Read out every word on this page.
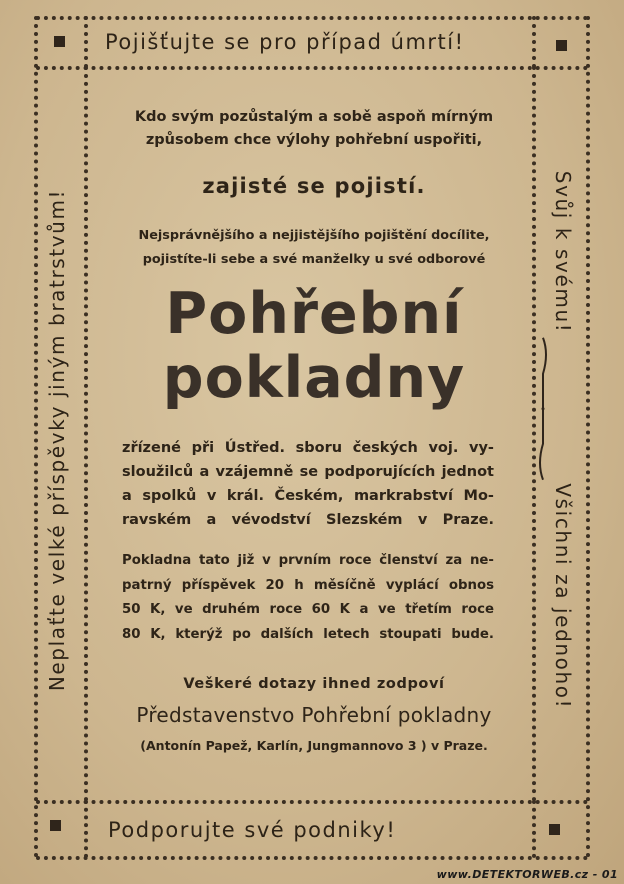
Pojišťujte se pro případ úmrtí!
Podporujte své podniky!
Neplaťte velké příspěvky jiným bratrstvům!	Svůj k svému!
Všichni za jednoho!
Kdo svým pozůstalým a sobě aspoň mírným
způsobem chce výlohy pohřební uspořiti,
zajisté se pojistí.
Nejsprávnějšího a nejjistějšího pojištění docílite,
pojistíte-li sebe a své manželky u své odborové
Pohřební
pokladny
zřízené při Ústřed. sboru českých voj. vy-
sloužilců a vzájemně se podporujících jednot
a spolků v král. Českém, markrabství Mo-
ravském a vévodství Slezském v Praze.
Pokladna tato již v prvním roce členství za ne-
patrný příspěvek 20 h měsíčně vyplácí obnos
50 K, ve druhém roce 60 K a ve třetím roce
80 K, kterýž po dalších letech stoupati bude.
Veškeré dotazy ihned zodpoví
Představenstvo Pohřební pokladny
(Antonín Papež, Karlín, Jungmannovo 3 ) v Praze.
www.DETEKTORWEB.cz - 01
